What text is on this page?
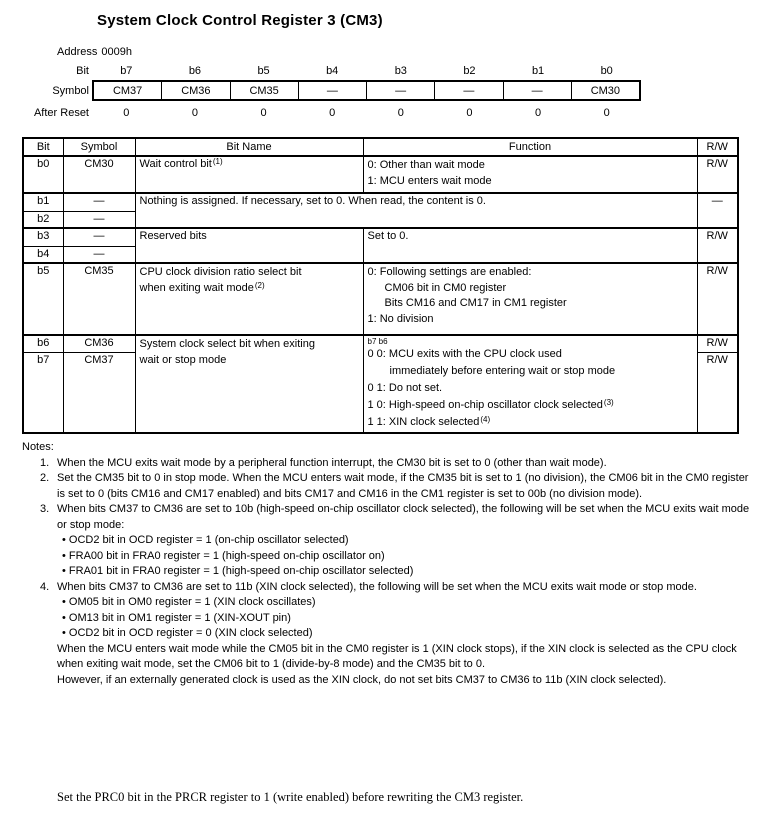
System Clock Control Register 3 (CM3)
Address 0009h
Bit	b7	b6	b5	b4	b3	b2	b1	b0
Symbol	CM37	CM36	CM35	—	—	—	—	CM30
After Reset	0	0	0	0	0	0	0	0
Bit	Symbol	Bit Name	Function	R/W
b0	CM30	Wait control bit$^{(1)}$	0: Other than wait mode
1: MCU enters wait mode	R/W
b1	—	Nothing is assigned. If necessary, set to 0. When read, the content is 0.		—
b2	—			
b3	—	Reserved bits	Set to 0.	R/W
b4	—			
b5	CM35	CPU clock division ratio select bit
when exiting wait mode$^{(2)}$

0: Following settings are enabled:
CM06 bit in CM0 register
Bits CM16 and CM17 in CM1 register
1: No division
	R/W
b6	CM36	System clock select bit when exiting
wait or stop mode

b7 b6
0 0: MCU exits with the CPU clock used
immediately before entering wait or stop mode
0 1: Do not set.
1 0: High-speed on-chip oscillator clock selected$^{(3)}$
1 1: XIN clock selected$^{(4)}$
	R/W
b7	CM37			R/W
Notes:
1. When the MCU exits wait mode by a peripheral function interrupt, the CM30 bit is set to 0 (other than wait mode).
2. Set the CM35 bit to 0 in stop mode. When the MCU enters wait mode, if the CM35 bit is set to 1 (no division), the CM06 bit in the CM0 register is set to 0 (bits CM16 and CM17 enabled) and bits CM17 and CM16 in the CM1 register is set to 00b (no division mode).
3. When bits CM37 to CM36 are set to 10b (high-speed on-chip oscillator clock selected), the following will be set when the MCU exits wait mode or stop mode:
• OCD2 bit in OCD register = 1 (on-chip oscillator selected)
• FRA00 bit in FRA0 register = 1 (high-speed on-chip oscillator on)
• FRA01 bit in FRA0 register = 1 (high-speed on-chip oscillator selected)
4. When bits CM37 to CM36 are set to 11b (XIN clock selected), the following will be set when the MCU exits wait mode or stop mode.
• OM05 bit in OM0 register = 1 (XIN clock oscillates)
• OM13 bit in OM1 register = 1 (XIN-XOUT pin)
• OCD2 bit in OCD register = 0 (XIN clock selected)
When the MCU enters wait mode while the CM05 bit in the CM0 register is 1 (XIN clock stops), if the XIN clock is selected as the CPU clock when exiting wait mode, set the CM06 bit to 1 (divide-by-8 mode) and the CM35 bit to 0.
However, if an externally generated clock is used as the XIN clock, do not set bits CM37 to CM36 to 11b (XIN clock selected).
Set the PRC0 bit in the PRCR register to 1 (write enabled) before rewriting the CM3 register.
